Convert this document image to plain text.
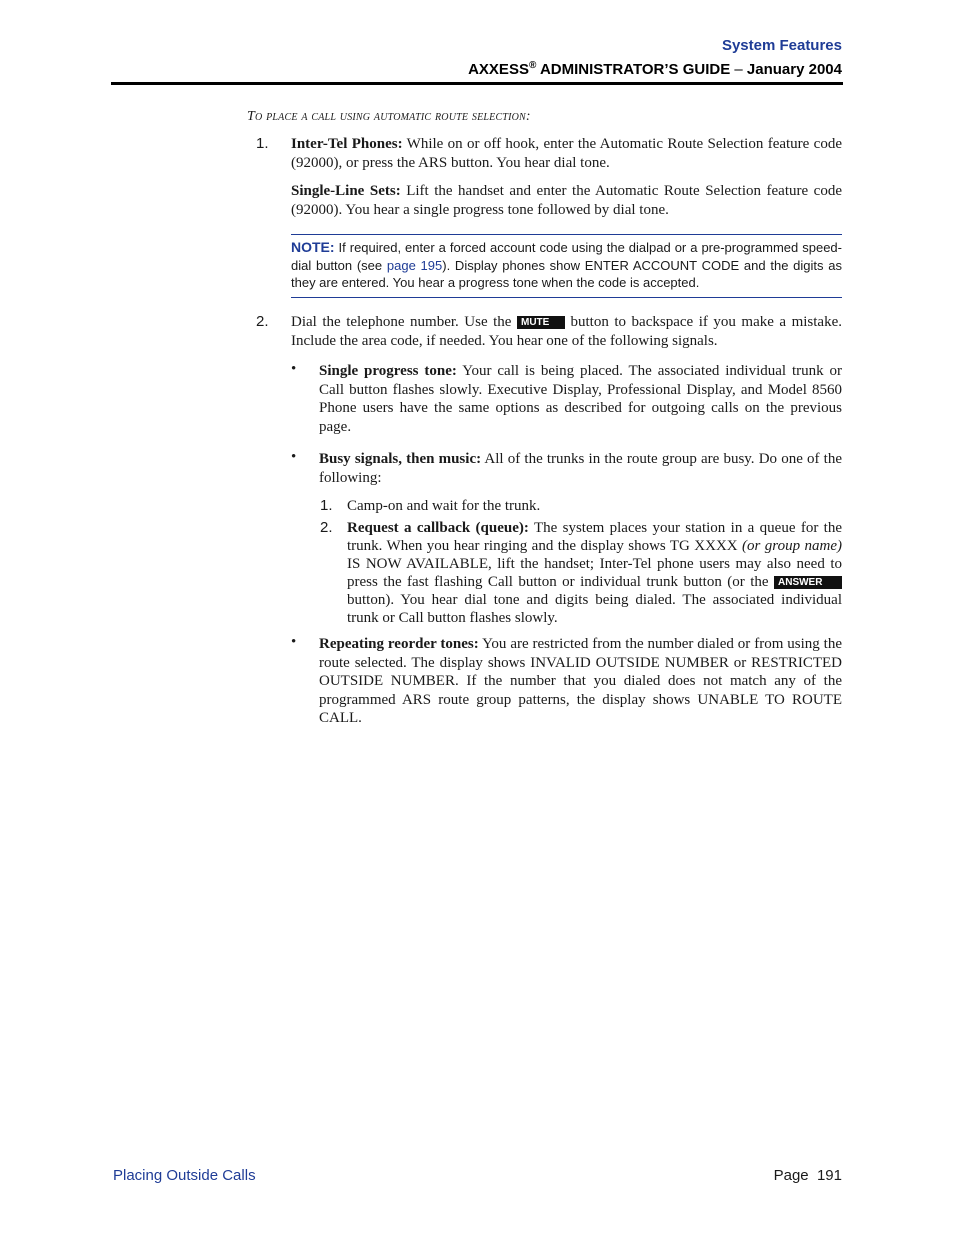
System Features
AXXESS® ADMINISTRATOR’S GUIDE – January 2004
To place a call using automatic route selection:
1. Inter-Tel Phones: While on or off hook, enter the Automatic Route Selection feature code (92000), or press the ARS button. You hear dial tone.
Single-Line Sets: Lift the handset and enter the Automatic Route Selection feature code (92000). You hear a single progress tone followed by dial tone.
NOTE: If required, enter a forced account code using the dialpad or a pre-programmed speed-dial button (see page 195). Display phones show ENTER ACCOUNT CODE and the digits as they are entered. You hear a progress tone when the code is accepted.
2. Dial the telephone number. Use the MUTE button to backspace if you make a mistake. Include the area code, if needed. You hear one of the following signals.
• Single progress tone: Your call is being placed. The associated individual trunk or Call button flashes slowly. Executive Display, Professional Display, and Model 8560 Phone users have the same options as described for outgoing calls on the previous page.
• Busy signals, then music: All of the trunks in the route group are busy. Do one of the following:
1. Camp-on and wait for the trunk.
2. Request a callback (queue): The system places your station in a queue for the trunk. When you hear ringing and the display shows TG XXXX (or group name) IS NOW AVAILABLE, lift the handset; Inter-Tel phone users may also need to press the fast flashing Call button or individual trunk button (or the ANSWER button). You hear dial tone and digits being dialed. The associated individual trunk or Call button flashes slowly.
• Repeating reorder tones: You are restricted from the number dialed or from using the route selected. The display shows INVALID OUTSIDE NUMBER or RESTRICTED OUTSIDE NUMBER. If the number that you dialed does not match any of the programmed ARS route group patterns, the display shows UNABLE TO ROUTE CALL.
Placing Outside Calls	Page  191
